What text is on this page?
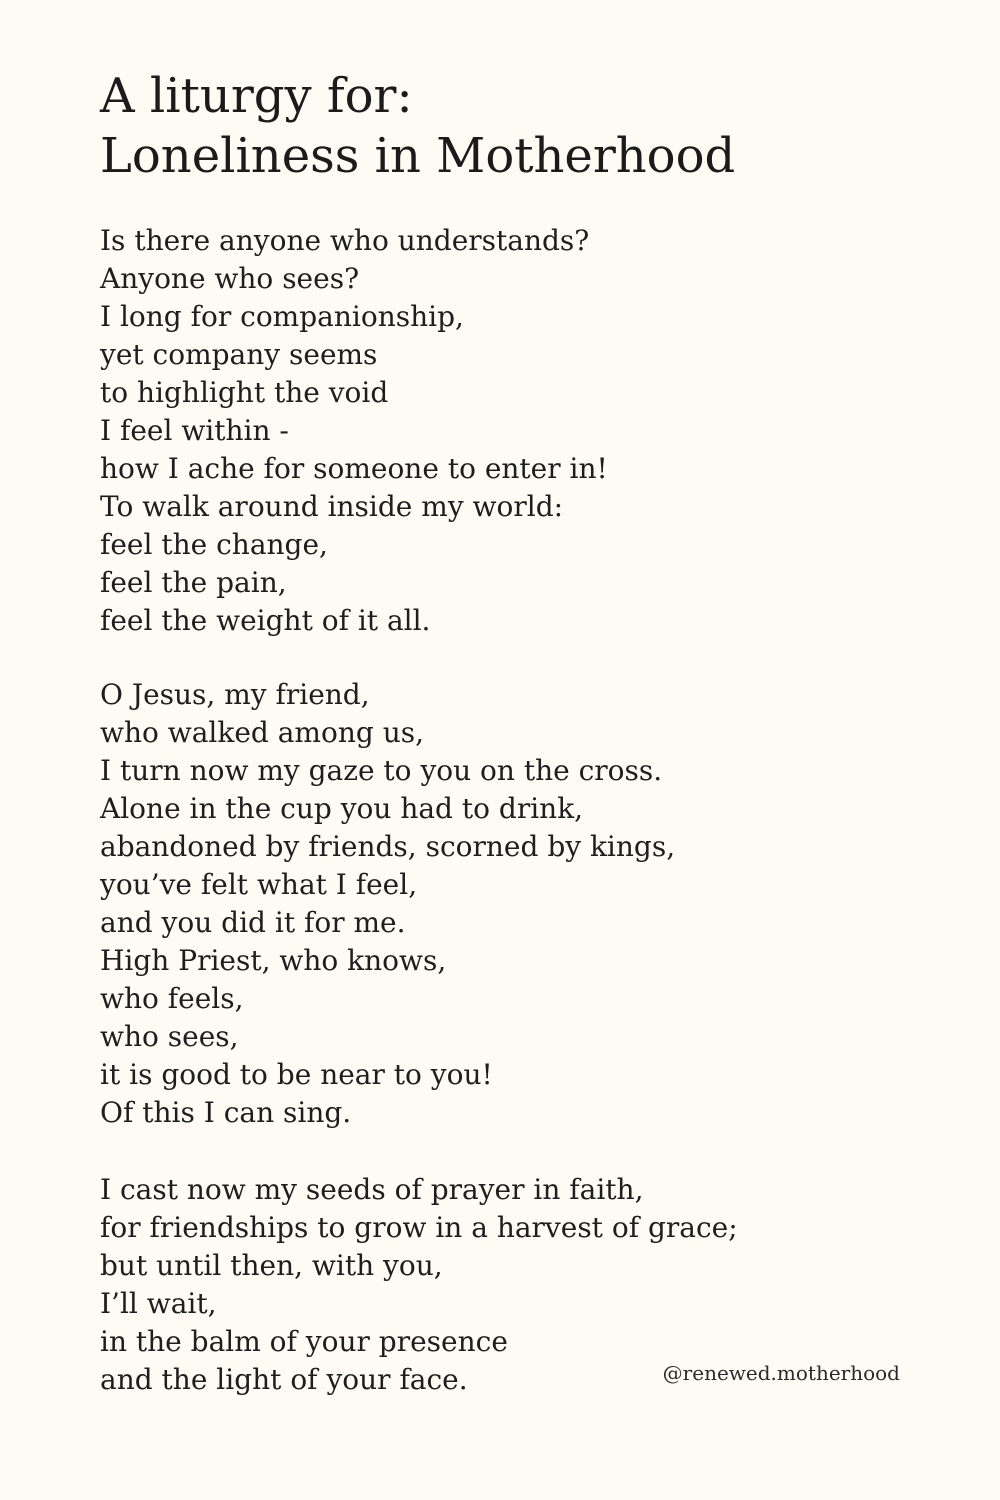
A liturgy for:
Loneliness in Motherhood
Is there anyone who understands?
Anyone who sees?
I long for companionship,
yet company seems
to highlight the void
I feel within -
how I ache for someone to enter in!
To walk around inside my world:
feel the change,
feel the pain,
feel the weight of it all.
O Jesus, my friend,
who walked among us,
I turn now my gaze to you on the cross.
Alone in the cup you had to drink,
abandoned by friends, scorned by kings,
you’ve felt what I feel,
and you did it for me.
High Priest, who knows,
who feels,
who sees,
it is good to be near to you!
Of this I can sing.
I cast now my seeds of prayer in faith,
for friendships to grow in a harvest of grace;
but until then, with you,
I’ll wait,
in the balm of your presence
and the light of your face.	@renewed.motherhood
